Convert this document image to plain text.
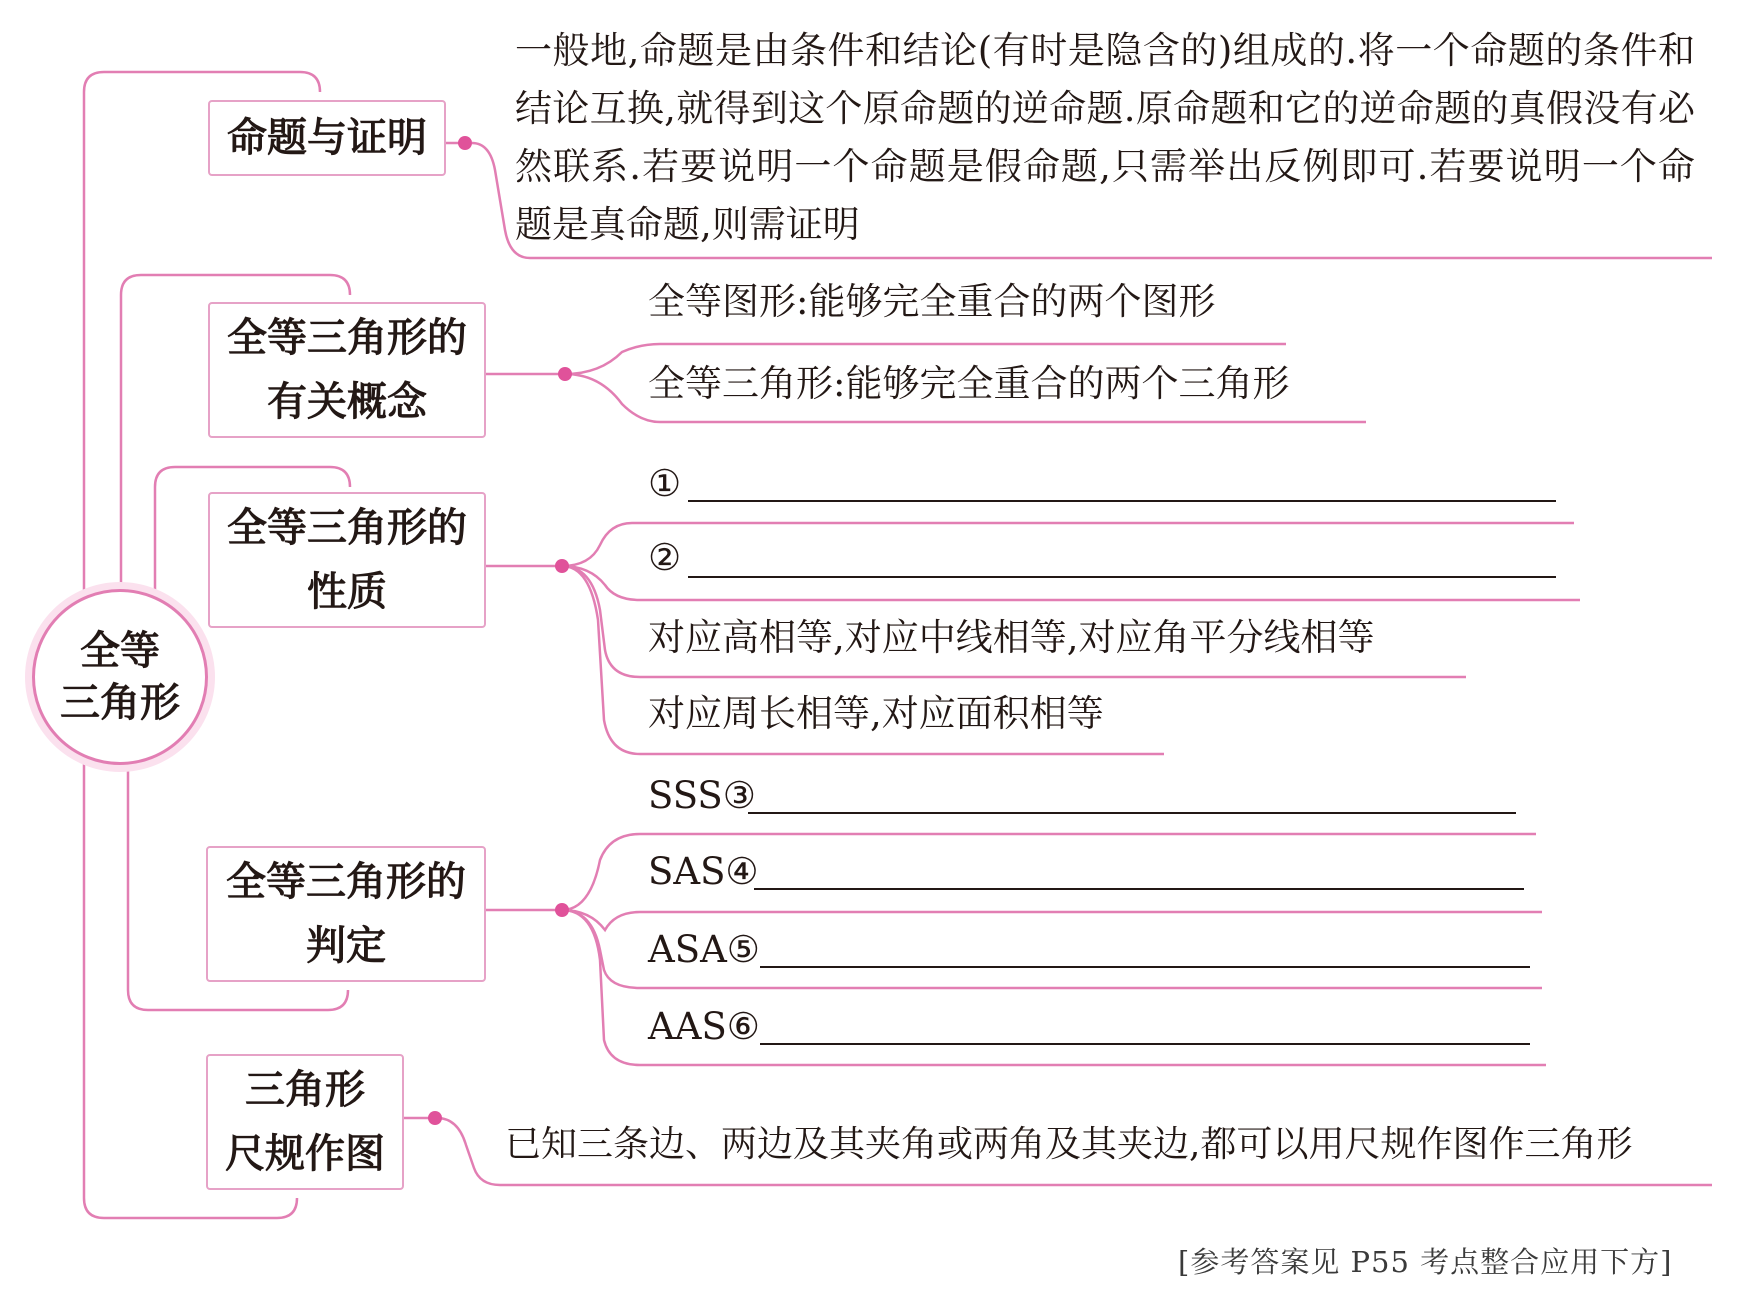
全等
三角形
命题与证明
全等三角形的
有关概念
全等三角形的
性质
全等三角形的
判定
三角形
尺规作图
一般地,命题是由条件和结论(有时是隐含的)组成的.将一个命题的条件和结论互换,就得到这个原命题的逆命题.原命题和它的逆命题的真假没有必然联系.若要说明一个命题是假命题,只需举出反例即可.若要说明一个命题是真命题,则需证明
全等图形:能够完全重合的两个图形
全等三角形:能够完全重合的两个三角形
①
②
对应高相等,对应中线相等,对应角平分线相等
对应周长相等,对应面积相等
SSS③
SAS④
ASA⑤
AAS⑥
已知三条边、两边及其夹角或两角及其夹边,都可以用尺规作图作三角形
[参考答案见 P55 考点整合应用下方]
